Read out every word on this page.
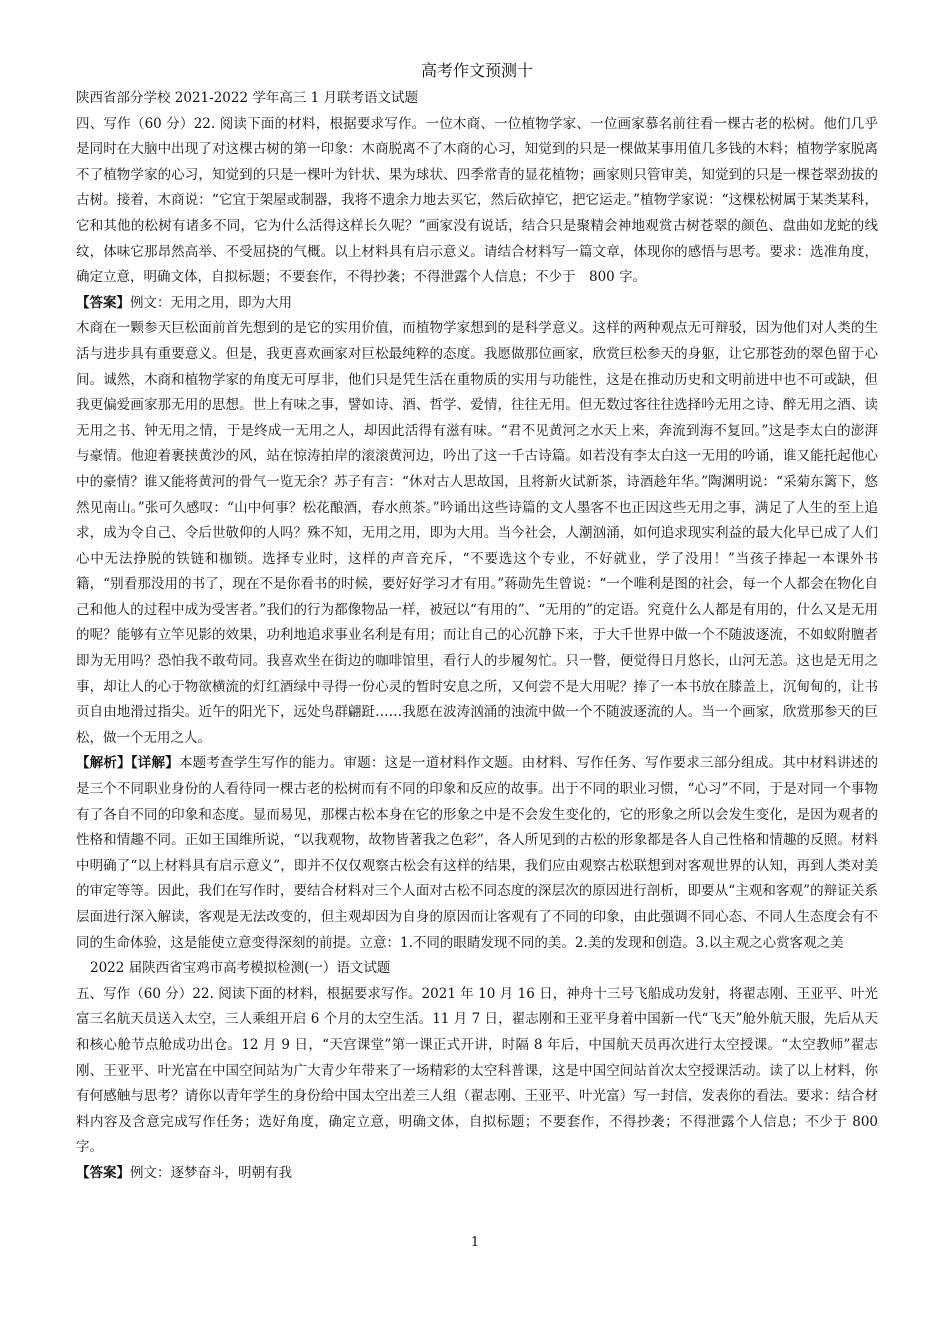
高考作文预测十

陕西省部分学校 2021-2022 学年高三 1 月联考语文试题

四、写作（60 分）22. 阅读下面的材料，根据要求写作。一位木商、一位植物学家、一位画家慕名前往看一棵古老的松树。他们几乎是同时在大脑中出现了对这棵古树的第一印象：木商脱离不了木商的心习，知觉到的只是一棵做某事用值几多钱的木料；植物学家脱离不了植物学家的心习，知觉到的只是一棵叶为针状、果为球状、四季常青的显花植物；画家则只管审美，知觉到的只是一棵苍翠劲拔的古树。接着，木商说：“它宜于架屋或制器，我将不遗余力地去买它，然后砍掉它，把它运走。”植物学家说：“这棵松树属于某类某科，它和其他的松树有诸多不同，它为什么活得这样长久呢？”画家没有说话，结合只是聚精会神地观赏古树苍翠的颜色、盘曲如龙蛇的线纹，体味它那昂然高举、不受屈挠的气概。以上材料具有启示意义。请结合材料写一篇文章，体现你的感悟与思考。要求：选准角度，确定立意，明确文体，自拟标题；不要套作，不得抄袭；不得泄露个人信息；不少于　800 字。

【答案】例文：无用之用，即为大用

木商在一颗参天巨松面前首先想到的是它的实用价值，而植物学家想到的是科学意义。这样的两种观点无可辩驳，因为他们对人类的生活与进步具有重要意义。但是，我更喜欢画家对巨松最纯粹的态度。我愿做那位画家，欣赏巨松参天的身躯，让它那苍劲的翠色留于心间。诚然，木商和植物学家的角度无可厚非，他们只是凭生活在重物质的实用与功能性，这是在推动历史和文明前进中也不可或缺，但我更偏爱画家那无用的思想。世上有味之事，譬如诗、酒、哲学、爱情，往往无用。但无数过客往往选择吟无用之诗、醉无用之酒、读无用之书、钟无用之情，于是终成一无用之人，却因此活得有滋有味。“君不见黄河之水天上来，奔流到海不复回。”这是李太白的澎湃与豪情。他迎着裹挟黄沙的风，站在惊涛拍岸的滚滚黄河边，吟出了这一千古诗篇。如若没有李太白这一无用的吟诵，谁又能托起他心中的豪情？谁又能将黄河的骨气一览无余？苏子有言：“休对古人思故国，且将新火试新茶，诗酒趁年华。”陶渊明说：“采菊东篱下，悠然见南山。”张可久感叹：“山中何事？松花酿酒，春水煎茶。”吟诵出这些诗篇的文人墨客不也正因这些无用之事，满足了人生的至上追求，成为令自己、令后世敬仰的人吗？殊不知，无用之用，即为大用。当今社会，人潮汹涌，如何追求现实利益的最大化早已成了人们心中无法挣脱的铁链和枷锁。选择专业时，这样的声音充斥，“不要选这个专业，不好就业，学了没用！”当孩子捧起一本课外书籍，“别看那没用的书了，现在不是你看书的时候，要好好学习才有用。”蒋勋先生曾说：“一个唯利是图的社会，每一个人都会在物化自己和他人的过程中成为受害者。”我们的行为都像物品一样，被冠以“有用的”、“无用的”的定语。究竟什么人都是有用的，什么又是无用的呢？能够有立竿见影的效果，功利地追求事业名利是有用；而让自己的心沉静下来，于大千世界中做一个不随波逐流，不如蚁附膻者即为无用吗？恐怕我不敢苟同。我喜欢坐在街边的咖啡馆里，看行人的步履匆忙。只一瞥，便觉得日月悠长，山河无恙。这也是无用之事，却让人的心于物欲横流的灯红酒绿中寻得一份心灵的暂时安息之所，又何尝不是大用呢？捧了一本书放在膝盖上，沉甸甸的，让书页自由地滑过指尖。近午的阳光下，远处鸟群翩跹……我愿在波涛汹涌的浊流中做一个不随波逐流的人。当一个画家，欣赏那参天的巨松，做一个无用之人。

【解析】【详解】本题考查学生写作的能力。审题：这是一道材料作文题。由材料、写作任务、写作要求三部分组成。其中材料讲述的是三个不同职业身份的人看待同一棵古老的松树而有不同的印象和反应的故事。出于不同的职业习惯，“心习”不同，于是对同一个事物有了各自不同的印象和态度。显而易见，那棵古松本身在它的形象之中是不会发生变化的，它的形象之所以会发生变化，是因为观者的性格和情趣不同。正如王国维所说，“以我观物，故物皆著我之色彩”，各人所见到的古松的形象都是各人自己性格和情趣的反照。材料中明确了“以上材料具有启示意义”，即并不仅仅观察古松会有这样的结果，我们应由观察古松联想到对客观世界的认知，再到人类对美的审定等等。因此，我们在写作时，要结合材料对三个人面对古松不同态度的深层次的原因进行剖析，即要从“主观和客观”的辩证关系层面进行深入解读，客观是无法改变的，但主观却因为自身的原因而让客观有了不同的印象，由此强调不同心态、不同人生态度会有不同的生命体验，这是能使立意变得深刻的前提。立意：1.不同的眼睛发现不同的美。2.美的发现和创造。3.以主观之心赏客观之美

2022 届陕西省宝鸡市高考模拟检测(一）语文试题

五、写作（60 分）22. 阅读下面的材料，根据要求写作。2021 年 10 月 16 日，神舟十三号飞船成功发射，将翟志刚、王亚平、叶光富三名航天员送入太空，三人乘组开启 6 个月的太空生活。11 月 7 日，翟志刚和王亚平身着中国新一代“飞天”舱外航天服，先后从天和核心舱节点舱成功出仓。12 月 9 日，“天宫课堂”第一课正式开讲，时隔 8 年后，中国航天员再次进行太空授课。“太空教师”翟志刚、王亚平、叶光富在中国空间站为广大青少年带来了一场精彩的太空科普课，这是中国空间站首次太空授课活动。读了以上材料，你有何感触与思考？请你以青年学生的身份给中国太空出差三人组（翟志刚、王亚平、叶光富）写一封信，发表你的看法。要求：结合材料内容及含意完成写作任务；选好角度，确定立意，明确文体，自拟标题；不要套作，不得抄袭；不得泄露个人信息；不少于 800 字。

【答案】例文：逐梦奋斗，明朝有我

1
